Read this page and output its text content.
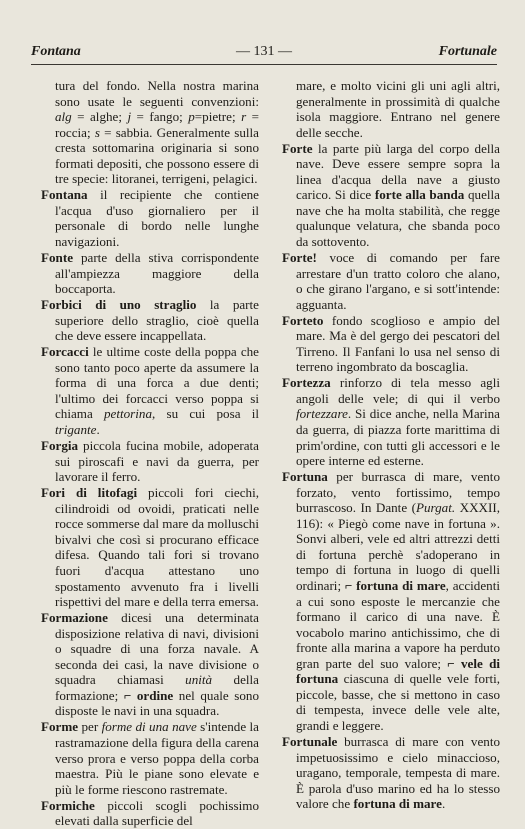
— 131 —
Fontana	Fortunale

tura del fondo. Nella nostra marina sono usate le seguenti convenzioni: alg = alghe; j = fango; p=pietre; r = roccia; s = sabbia. Generalmente sulla cresta sottomarina originaria si sono formati depositi, che possono essere di tre specie: litoranei, terrigeni, pelagici.

Fontana il recipiente che contiene l'acqua d'uso giornaliero per il personale di bordo nelle lunghe navigazioni.

Fonte parte della stiva corrispondente all'ampiezza maggiore della boccaporta.

Forbici di uno straglio la parte superiore dello straglio, cioè quella che deve essere incappellata.

Forcacci le ultime coste della poppa che sono tanto poco aperte da assumere la forma di una forca a due denti; l'ultimo dei forcacci verso poppa si chiama pettorina, su cui posa il trigante.

Forgia piccola fucina mobile, adoperata sui piroscafi e navi da guerra, per lavorare il ferro.

Fori di litofagi piccoli fori ciechi, cilindroidi od ovoidi, praticati nelle rocce sommerse dal mare da molluschi bivalvi che così si procurano efficace difesa. Quando tali fori si trovano fuori d'acqua attestano uno spostamento avvenuto fra i livelli rispettivi del mare e della terra emersa.

Formazione dicesi una determinata disposizione relativa di navi, divisioni o squadre di una forza navale. A seconda dei casi, la nave divisione o squadra chiamasi unità della formazione; ⌐ ordine nel quale sono disposte le navi in una squadra.

Forme per forme di una nave s'intende la rastramazione della figura della carena verso prora e verso poppa della corba maestra. Più le piane sono elevate e più le forme riescono rastremate.

Formiche piccoli scogli pochissimo elevati dalla superficie del

mare, e molto vicini gli uni agli altri, generalmente in prossimità di qualche isola maggiore. Entrano nel genere delle secche.

Forte la parte più larga del corpo della nave. Deve essere sempre sopra la linea d'acqua della nave a giusto carico. Si dice forte alla banda quella nave che ha molta stabilità, che regge qualunque velatura, che sbanda poco da sottovento.

Forte! voce di comando per fare arrestare d'un tratto coloro che alano, o che girano l'argano, e si sott'intende: agguanta.

Forteto fondo scoglioso e ampio del mare. Ma è del gergo dei pescatori del Tirreno. Il Fanfani lo usa nel senso di terreno ingombrato da boscaglia.

Fortezza rinforzo di tela messo agli angoli delle vele; di qui il verbo fortezzare. Si dice anche, nella Marina da guerra, di piazza forte marittima di prim'ordine, con tutti gli accessori e le opere interne ed esterne.

Fortuna per burrasca di mare, vento forzato, vento fortissimo, tempo burrascoso. In Dante (Purgat. XXXII, 116): « Piegò come nave in fortuna ». Sonvi alberi, vele ed altri attrezzi detti di fortuna perchè s'adoperano in tempo di fortuna in luogo di quelli ordinari; ⌐ fortuna di mare, accidenti a cui sono esposte le mercanzie che formano il carico di una nave. È vocabolo marino antichissimo, che di fronte alla marina a vapore ha perduto gran parte del suo valore; ⌐ vele di fortuna ciascuna di quelle vele forti, piccole, basse, che si mettono in caso di tempesta, invece delle vele alte, grandi e leggere.

Fortunale burrasca di mare con vento impetuosissimo e cielo minaccioso, uragano, temporale, tempesta di mare. È parola d'uso marino ed ha lo stesso valore che fortuna di mare.
